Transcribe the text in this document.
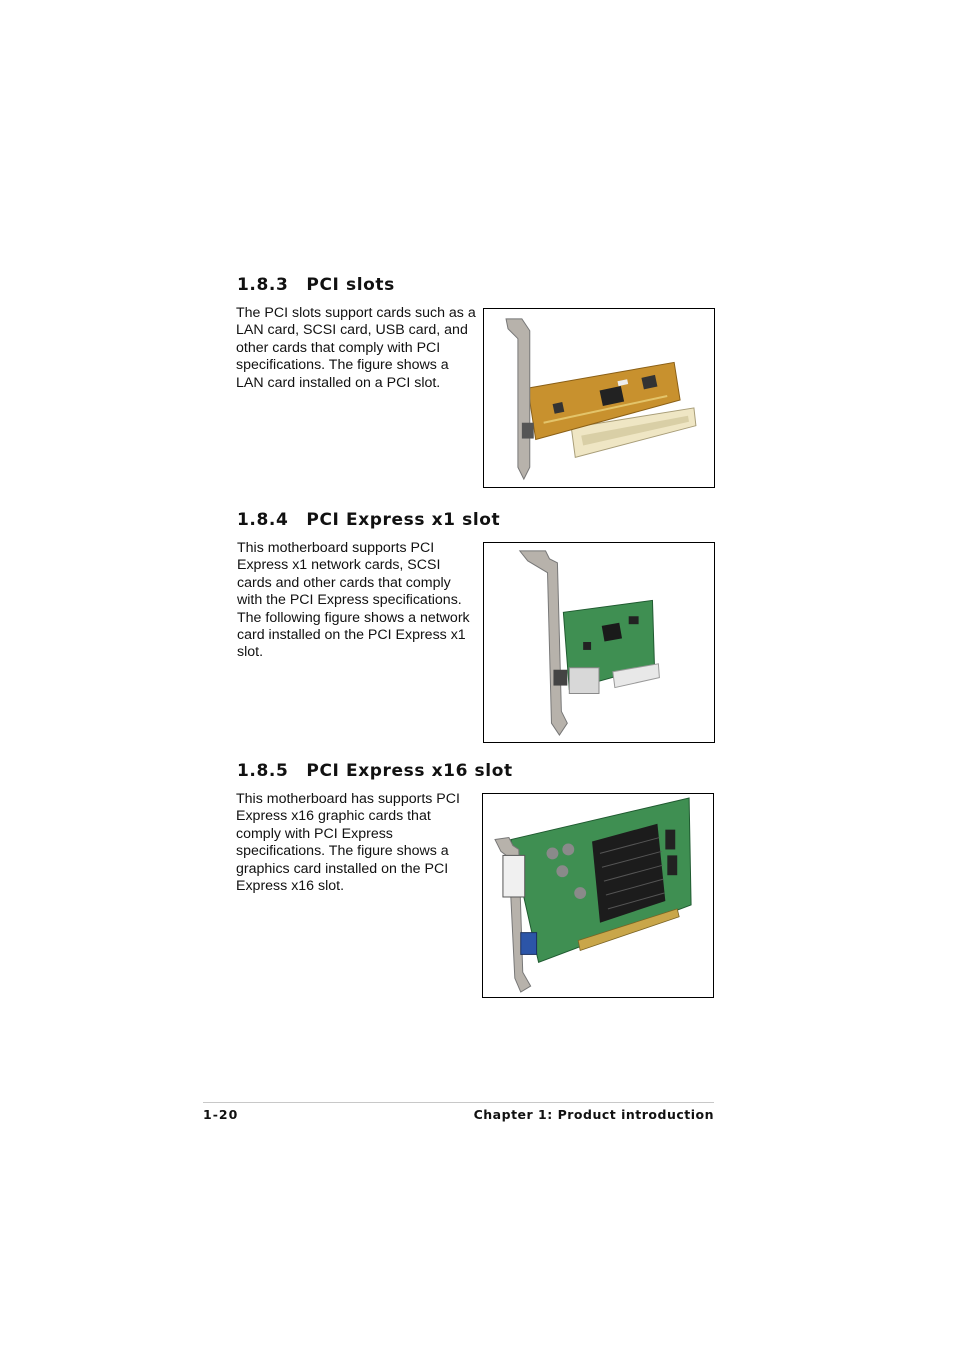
1.8.3 PCI slots
The PCI slots support cards such as a LAN card, SCSI card, USB card, and other cards that comply with PCI specifications. The figure shows a LAN card installed on a PCI slot.
1.8.4 PCI Express x1 slot
This motherboard supports PCI Express x1 network cards, SCSI cards and other cards that comply with the PCI Express specifications. The following figure shows a network card installed on the PCI Express x1 slot.
1.8.5 PCI Express x16 slot
This motherboard has supports PCI Express x16 graphic cards that comply with PCI Express specifications. The figure shows a graphics card installed on the PCI Express x16 slot.
1-20	Chapter 1: Product introduction
